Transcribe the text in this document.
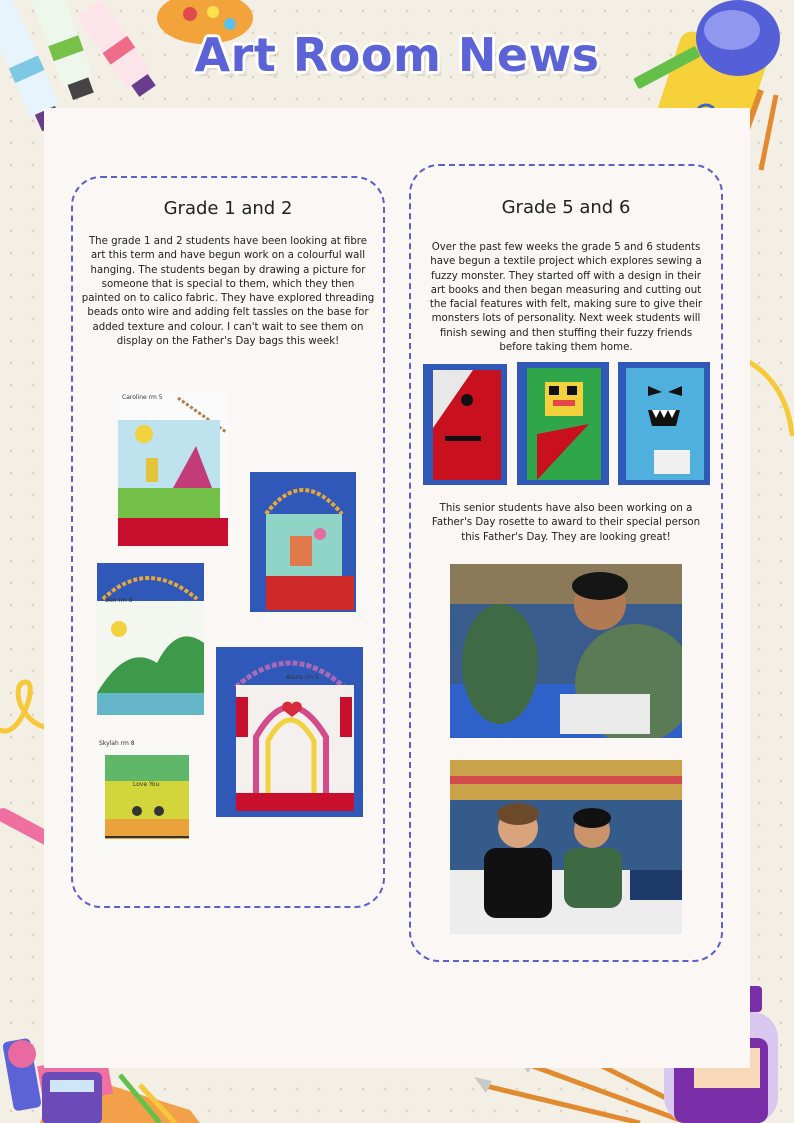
Art Room News
Grade 1 and 2
The grade 1 and 2 students have been looking at fibre art this term and have begun work on a colourful wall hanging. The students began by drawing a picture for someone that is special to them, which they then painted on to calico fabric. They have explored threading beads onto wire and adding felt tassles on the base for added texture and colour. I can't wait to see them on display on the Father's Day bags this week!
Grade 5 and 6
Over the past few weeks the grade 5 and 6 students have begun a textile project which explores sewing a fuzzy monster. They started off with a design in their art books and then began measuring and cutting out the facial features with felt, making sure to give their monsters lots of personality. Next week students will finish sewing and then stuffing their fuzzy friends before taking them home.
This senior students have also been working on a Father's Day rosette to award to their special person this Father's Day. They are looking great!
Caroline rm 5
Ben rm 8
Alana rm 5
Skylah rm 8
Love You
